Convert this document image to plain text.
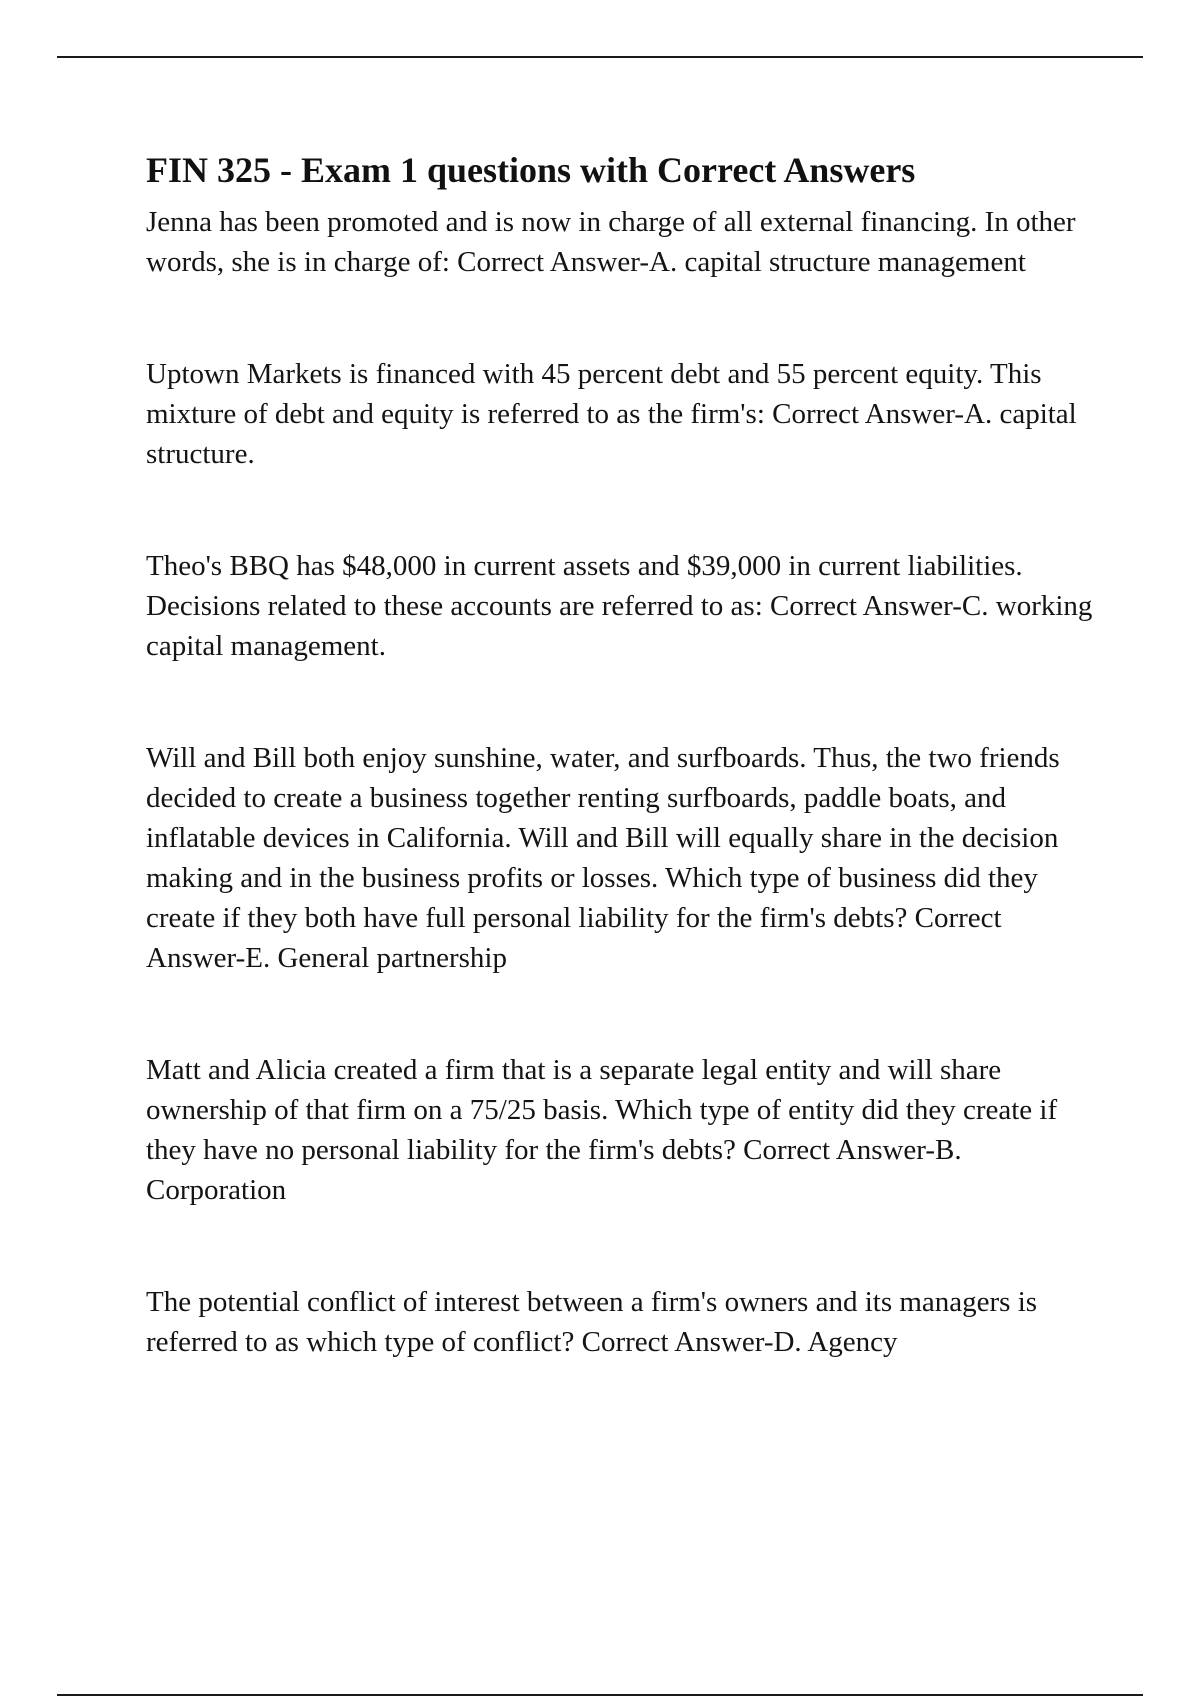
FIN 325 - Exam 1 questions with Correct Answers

Jenna has been promoted and is now in charge of all external financing. In other words, she is in charge of: Correct Answer-A. capital structure management

Uptown Markets is financed with 45 percent debt and 55 percent equity. This mixture of debt and equity is referred to as the firm's: Correct Answer-A. capital structure.

Theo's BBQ has $48,000 in current assets and $39,000 in current liabilities. Decisions related to these accounts are referred to as: Correct Answer-C. working capital management.

Will and Bill both enjoy sunshine, water, and surfboards. Thus, the two friends decided to create a business together renting surfboards, paddle boats, and inflatable devices in California. Will and Bill will equally share in the decision making and in the business profits or losses. Which type of business did they create if they both have full personal liability for the firm's debts? Correct Answer-E. General partnership

Matt and Alicia created a firm that is a separate legal entity and will share ownership of that firm on a 75/25 basis. Which type of entity did they create if they have no personal liability for the firm's debts? Correct Answer-B. Corporation

The potential conflict of interest between a firm's owners and its managers is referred to as which type of conflict? Correct Answer-D. Agency
